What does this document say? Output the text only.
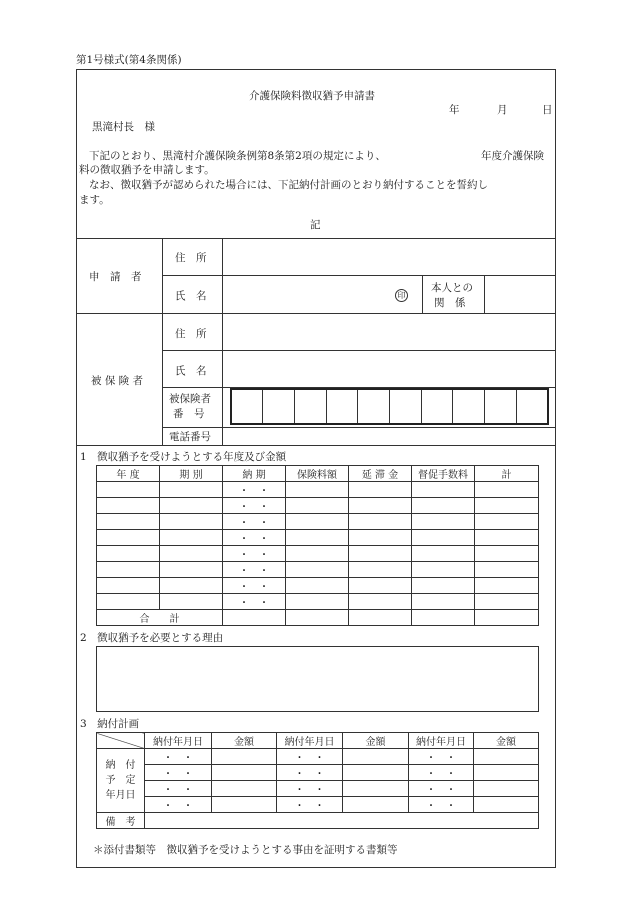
第1号様式(第4条関係)
介護保険料徴収猶予申請書
年	月	日
黒滝村長　様
下記のとおり、黒滝村介護保険条例第8条第2項の規定により、	年度介護保険
料の徴収猶予を申請します。
なお、徴収猶予が認められた場合には、下記納付計画のとおり納付することを誓約し
ます。
記
申　請　者
住　所
氏　名	印
本人との
関　係
被 保 険 者
住　所
氏　名
被保険者
番　号
電話番号

1　徴収猶予を受けようとする年度及び金額
年 度	期 別	納 期	保険料額	延 滞 金	督促手数料	計
		・　・				
		・　・				
		・　・				
		・　・				
		・　・				
		・　・				
		・　・				
		・　・				
合　　計						
2　徴収猶予を必要とする理由
3　納付計画
	納付年月日	金額	納付年月日	金額	納付年月日	金額
納　付
予　定
年月日	・　・		・　・		・　・	
	・　・		・　・		・　・	
	・　・		・　・		・　・	
	・　・		・　・		・　・	
備　考						
＊添付書類等　徴収猶予を受けようとする事由を証明する書類等
